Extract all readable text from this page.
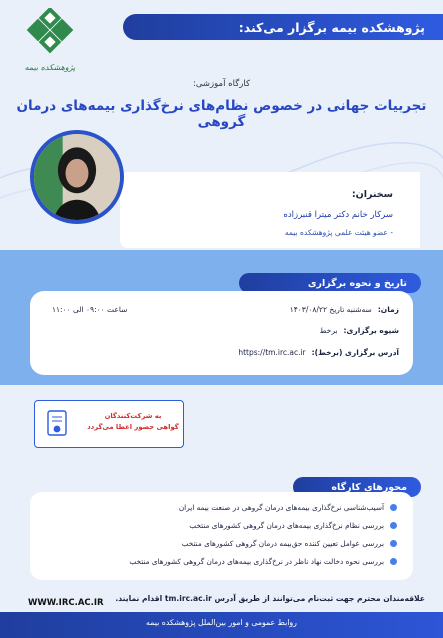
پژوهشکده بیمه برگزار می‌کند:
پژوهشکده بیمه
کارگاه آموزشی:
تجربیات جهانی در خصوص نظام‌های نرخ‌گذاری بیمه‌های درمان گروهی
سخنران:
سرکار خانم دکتر میترا قنبرزاده
- عضو هیئت علمی پژوهشکده بیمه
تاریخ و نحوه برگزاری
زمان:
سه‌شنبه تاریخ ۱۴۰۳/۰۸/۲۲
ساعت ۰۹:۰۰ الی ۱۱:۰۰
شیوه برگزاری:
برخط
آدرس برگزاری (برخط):
https://tm.irc.ac.ir
به شرکت‌کنندگان
گواهی حضور اعطا می‌گردد
محورهای کارگاه
آسیب‌شناسی نرخ‌گذاری بیمه‌های درمان گروهی در صنعت بیمه ایران
بررسی نظام نرخ‌گذاری بیمه‌های درمان گروهی کشورهای منتخب
بررسی عوامل تعیین کننده حق‌بیمه درمان گروهی کشورهای منتخب
بررسی نحوه دخالت نهاد ناظر در نرخ‌گذاری بیمه‌های درمان گروهی کشورهای منتخب
علاقه‌مندان محترم جهت ثبت‌نام می‌توانند از طریق آدرس tm.irc.ac.ir اقدام نمایند.
WWW.IRC.AC.IR
روابط عمومی و امور بین‌الملل پژوهشکده بیمه
